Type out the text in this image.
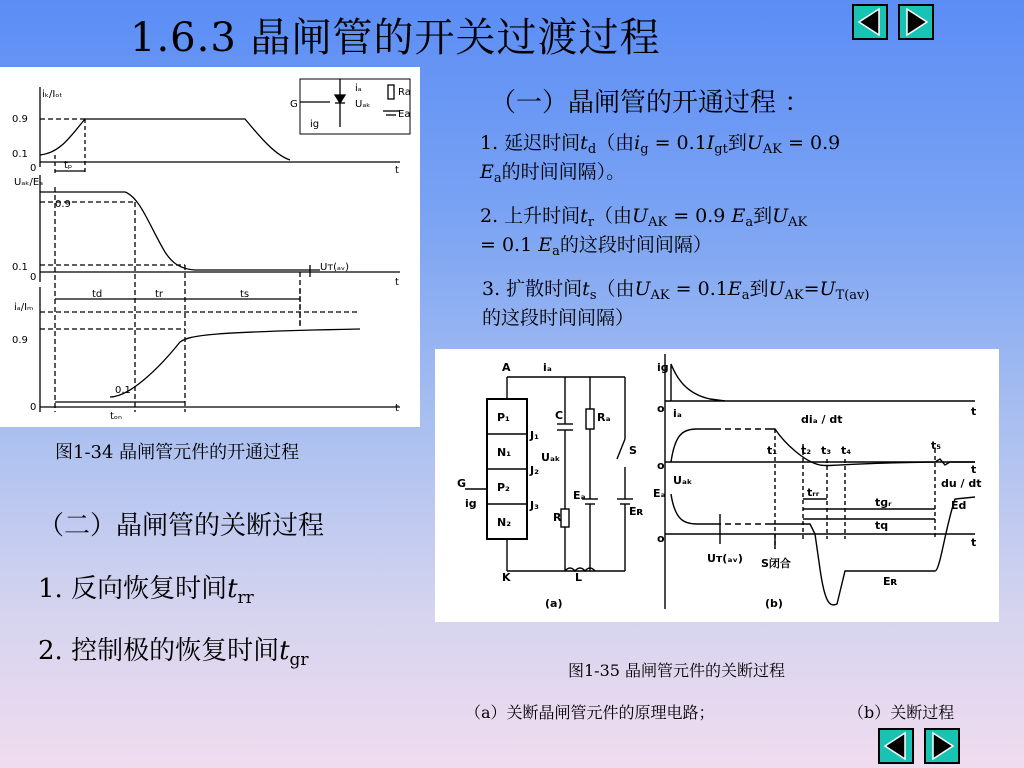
1.6.3 晶闸管的开关过渡过程
iₖ/Iₒₜ
0.9
0.1
0	tₚ	t
Uₐₖ/Eₐ
0.9
0.1
0
Uᴛ(ₐᵥ)
t
iₐ/Iₘ
0.9
0.1
0
td	tr	ts
tₒₙ
t
G
Ra
Ea
iₐ
Uₐₖ
ig
图1-34 晶闸管元件的开通过程
（一）晶闸管的开通过程 ：
1. 延迟时间$t_d$（由$i_g = 0.1I_{gt}$到$U_{AK} = 0.9$
$E_a$的时间间隔）。
2. 上升时间$t_r$（由$U_{AK} = 0.9$ $E_a$到$U_{AK}$
= 0.1 $E_a$的这段时间间隔）
3. 扩散时间$t_s$（由$U_{AK} = 0.1E_a$到$U_{AK}=U_{T(av)}$
的这段时间间隔）
（二）晶闸管的关断过程
1. 反向恢复时间$t_{rr}$
2. 控制极的恢复时间$t_{gr}$
A
K
G
L
S
C
R
P₁
N₁
P₂
N₂
J₁
J₂
J₃
iₐ
ig
Uₐₖ
Rₐ
Eₐ
Eʀ
(a)	(b)
iɡ
iₐ
Uₐₖ
Eₐ
o
o
o
t
t
t
diₐ / dt
t₁ t₂ t₃ t₄	t₅
tᵣᵣ
tɡᵣ
tq
du / dt
Ed
Uᴛ(ₐᵥ) S闭合
Eʀ
图1-35 晶闸管元件的关断过程
（a）关断晶闸管元件的原理电路；	（b）关断过程
